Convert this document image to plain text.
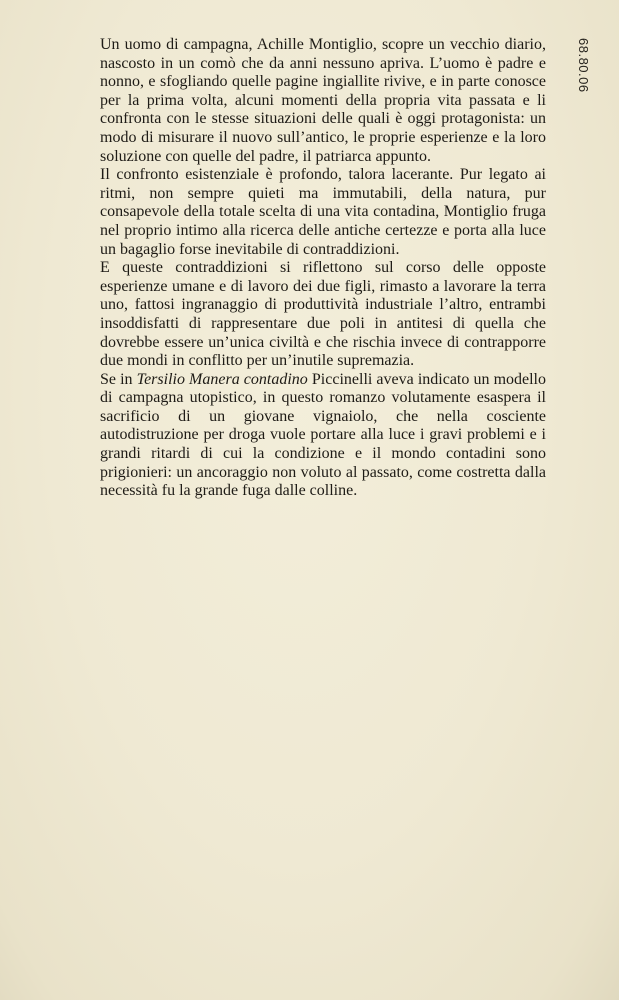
68.80.06

Un uomo di campagna, Achille Montiglio, scopre un vecchio diario, nascosto in un comò che da anni nessuno apriva. L’uomo è padre e nonno, e sfogliando quelle pagine ingiallite rivive, e in parte conosce per la prima volta, alcuni momenti della propria vita passata e li confronta con le stesse situazioni delle quali è oggi protagonista: un modo di misurare il nuovo sull’antico, le proprie esperienze e la loro soluzione con quelle del padre, il patriarca appunto.

Il confronto esistenziale è profondo, talora lacerante. Pur legato ai ritmi, non sempre quieti ma immutabili, della natura, pur consapevole della totale scelta di una vita contadina, Montiglio fruga nel proprio intimo alla ricerca delle antiche certezze e porta alla luce un bagaglio forse inevitabile di contraddizioni.

E queste contraddizioni si riflettono sul corso delle opposte esperienze umane e di lavoro dei due figli, rimasto a lavorare la terra uno, fattosi ingranaggio di produttività industriale l’altro, entrambi insoddisfatti di rappresentare due poli in antitesi di quella che dovrebbe essere un’unica civiltà e che rischia invece di contrapporre due mondi in conflitto per un’inutile supremazia.

Se in Tersilio Manera contadino Piccinelli aveva indicato un modello di campagna utopistico, in questo romanzo volutamente esaspera il sacrificio di un giovane vignaiolo, che nella cosciente autodistruzione per droga vuole portare alla luce i gravi problemi e i grandi ritardi di cui la condizione e il mondo contadini sono prigionieri: un ancoraggio non voluto al passato, come costretta dalla necessità fu la grande fuga dalle colline.
